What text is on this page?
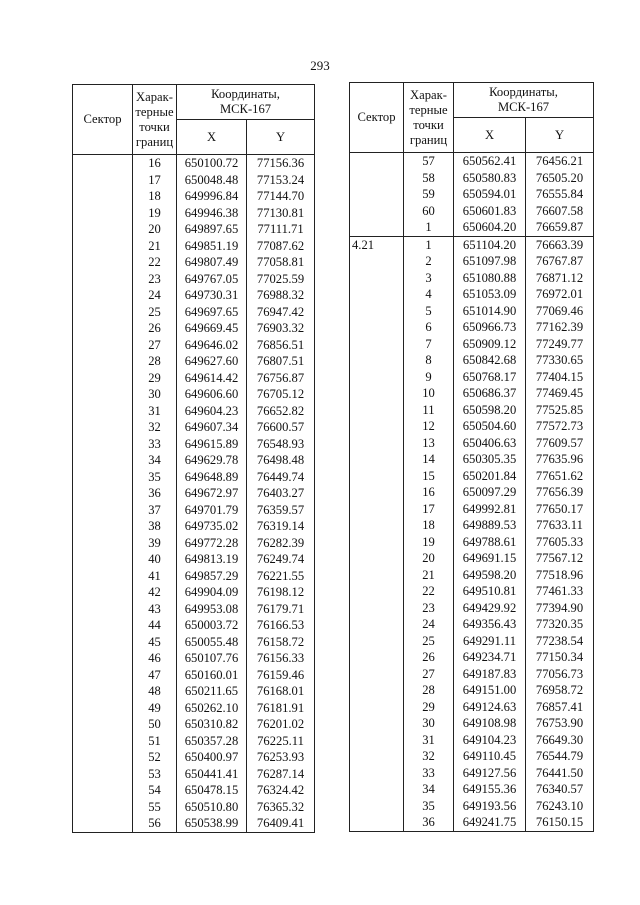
293
Сектор	Харак-
терные
точки
границ	Координаты,
МСК-167	
		X	Y
	16	650100.72	77156.36
	17	650048.48	77153.24
	18	649996.84	77144.70
	19	649946.38	77130.81
	20	649897.65	77111.71
	21	649851.19	77087.62
	22	649807.49	77058.81
	23	649767.05	77025.59
	24	649730.31	76988.32
	25	649697.65	76947.42
	26	649669.45	76903.32
	27	649646.02	76856.51
	28	649627.60	76807.51
	29	649614.42	76756.87
	30	649606.60	76705.12
	31	649604.23	76652.82
	32	649607.34	76600.57
	33	649615.89	76548.93
	34	649629.78	76498.48
	35	649648.89	76449.74
	36	649672.97	76403.27
	37	649701.79	76359.57
	38	649735.02	76319.14
	39	649772.28	76282.39
	40	649813.19	76249.74
	41	649857.29	76221.55
	42	649904.09	76198.12
	43	649953.08	76179.71
	44	650003.72	76166.53
	45	650055.48	76158.72
	46	650107.76	76156.33
	47	650160.01	76159.46
	48	650211.65	76168.01
	49	650262.10	76181.91
	50	650310.82	76201.02
	51	650357.28	76225.11
	52	650400.97	76253.93
	53	650441.41	76287.14
	54	650478.15	76324.42
	55	650510.80	76365.32
	56	650538.99	76409.41
Сектор	Харак-
терные
точки
границ	Координаты,
МСК-167	
		X	Y
	57	650562.41	76456.21
	58	650580.83	76505.20
	59	650594.01	76555.84
	60	650601.83	76607.58
	1	650604.20	76659.87
4.21	1	651104.20	76663.39
	2	651097.98	76767.87
	3	651080.88	76871.12
	4	651053.09	76972.01
	5	651014.90	77069.46
	6	650966.73	77162.39
	7	650909.12	77249.77
	8	650842.68	77330.65
	9	650768.17	77404.15
	10	650686.37	77469.45
	11	650598.20	77525.85
	12	650504.60	77572.73
	13	650406.63	77609.57
	14	650305.35	77635.96
	15	650201.84	77651.62
	16	650097.29	77656.39
	17	649992.81	77650.17
	18	649889.53	77633.11
	19	649788.61	77605.33
	20	649691.15	77567.12
	21	649598.20	77518.96
	22	649510.81	77461.33
	23	649429.92	77394.90
	24	649356.43	77320.35
	25	649291.11	77238.54
	26	649234.71	77150.34
	27	649187.83	77056.73
	28	649151.00	76958.72
	29	649124.63	76857.41
	30	649108.98	76753.90
	31	649104.23	76649.30
	32	649110.45	76544.79
	33	649127.56	76441.50
	34	649155.36	76340.57
	35	649193.56	76243.10
	36	649241.75	76150.15
